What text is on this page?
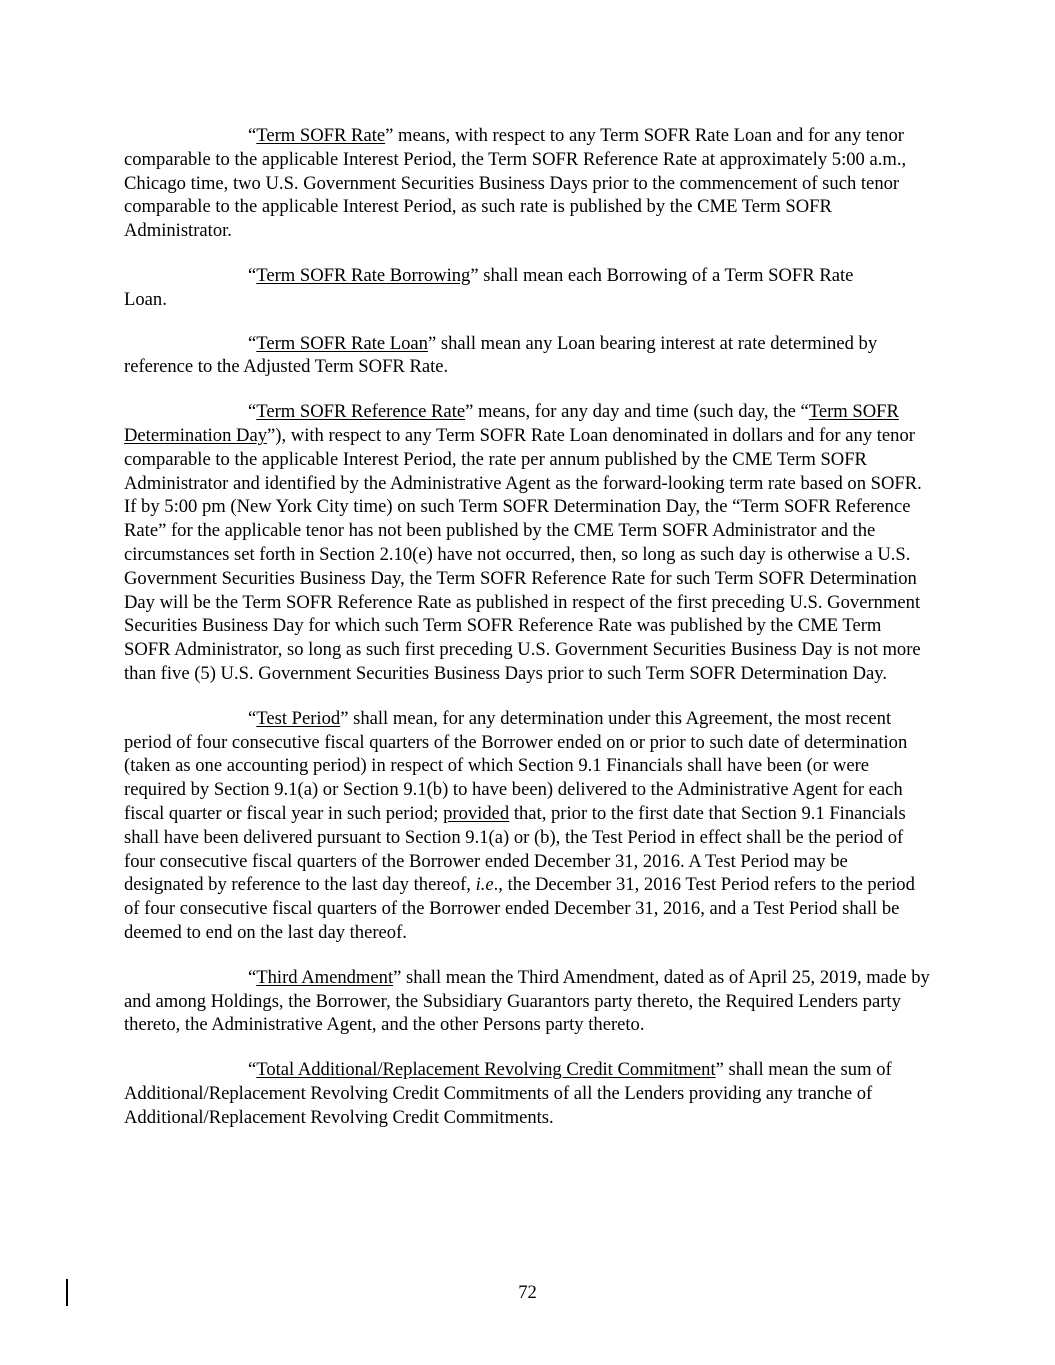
“Term SOFR Rate” means, with respect to any Term SOFR Rate Loan and for any tenor comparable to the applicable Interest Period, the Term SOFR Reference Rate at approximately 5:00 a.m., Chicago time, two U.S. Government Securities Business Days prior to the commencement of such tenor comparable to the applicable Interest Period, as such rate is published by the CME Term SOFR Administrator.

“Term SOFR Rate Borrowing” shall mean each Borrowing of a Term SOFR Rate
Loan.

“Term SOFR Rate Loan” shall mean any Loan bearing interest at rate determined by reference to the Adjusted Term SOFR Rate.

“Term SOFR Reference Rate” means, for any day and time (such day, the “Term SOFR Determination Day”), with respect to any Term SOFR Rate Loan denominated in dollars and for any tenor comparable to the applicable Interest Period, the rate per annum published by the CME Term SOFR Administrator and identified by the Administrative Agent as the forward-looking term rate based on SOFR. If by 5:00 pm (New York City time) on such Term SOFR Determination Day, the “Term SOFR Reference Rate” for the applicable tenor has not been published by the CME Term SOFR Administrator and the circumstances set forth in Section 2.10(e) have not occurred, then, so long as such day is otherwise a U.S. Government Securities Business Day, the Term SOFR Reference Rate for such Term SOFR Determination Day will be the Term SOFR Reference Rate as published in respect of the first preceding U.S. Government Securities Business Day for which such Term SOFR Reference Rate was published by the CME Term SOFR Administrator, so long as such first preceding U.S. Government Securities Business Day is not more than five (5) U.S. Government Securities Business Days prior to such Term SOFR Determination Day.

“Test Period” shall mean, for any determination under this Agreement, the most recent period of four consecutive fiscal quarters of the Borrower ended on or prior to such date of determination (taken as one accounting period) in respect of which Section 9.1 Financials shall have been (or were required by Section 9.1(a) or Section 9.1(b) to have been) delivered to the Administrative Agent for each fiscal quarter or fiscal year in such period; provided that, prior to the first date that Section 9.1 Financials shall have been delivered pursuant to Section 9.1(a) or (b), the Test Period in effect shall be the period of four consecutive fiscal quarters of the Borrower ended December 31, 2016. A Test Period may be designated by reference to the last day thereof, i.e., the December 31, 2016 Test Period refers to the period of four consecutive fiscal quarters of the Borrower ended December 31, 2016, and a Test Period shall be deemed to end on the last day thereof.

“Third Amendment” shall mean the Third Amendment, dated as of April 25, 2019, made by and among Holdings, the Borrower, the Subsidiary Guarantors party thereto, the Required Lenders party thereto, the Administrative Agent, and the other Persons party thereto.

“Total Additional/Replacement Revolving Credit Commitment” shall mean the sum of Additional/Replacement Revolving Credit Commitments of all the Lenders providing any tranche of Additional/Replacement Revolving Credit Commitments.

72
